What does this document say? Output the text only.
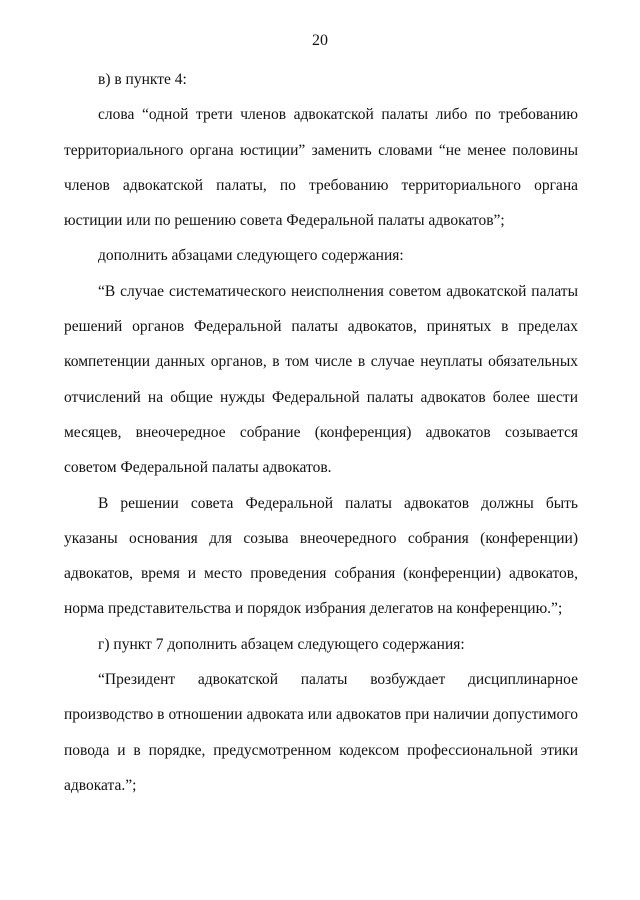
20

в) в пункте 4:

слова “одной трети членов адвокатской палаты либо по требованию территориального органа юстиции” заменить словами “не менее половины членов адвокатской палаты, по требованию территориального органа юстиции или по решению совета Федеральной палаты адвокатов”;

дополнить абзацами следующего содержания:

“В случае систематического неисполнения советом адвокатской палаты решений органов Федеральной палаты адвокатов, принятых в пределах компетенции данных органов, в том числе в случае неуплаты обязательных отчислений на общие нужды Федеральной палаты адвокатов более шести месяцев, внеочередное собрание (конференция) адвокатов созывается советом Федеральной палаты адвокатов.

В решении совета Федеральной палаты адвокатов должны быть указаны основания для созыва внеочередного собрания (конференции) адвокатов, время и место проведения собрания (конференции) адвокатов, норма представительства и порядок избрания делегатов на конференцию.”;

г) пункт 7 дополнить абзацем следующего содержания:

“Президент адвокатской палаты возбуждает дисциплинарное производство в отношении адвоката или адвокатов при наличии допустимого повода и в порядке, предусмотренном кодексом профессиональной этики адвоката.”;
